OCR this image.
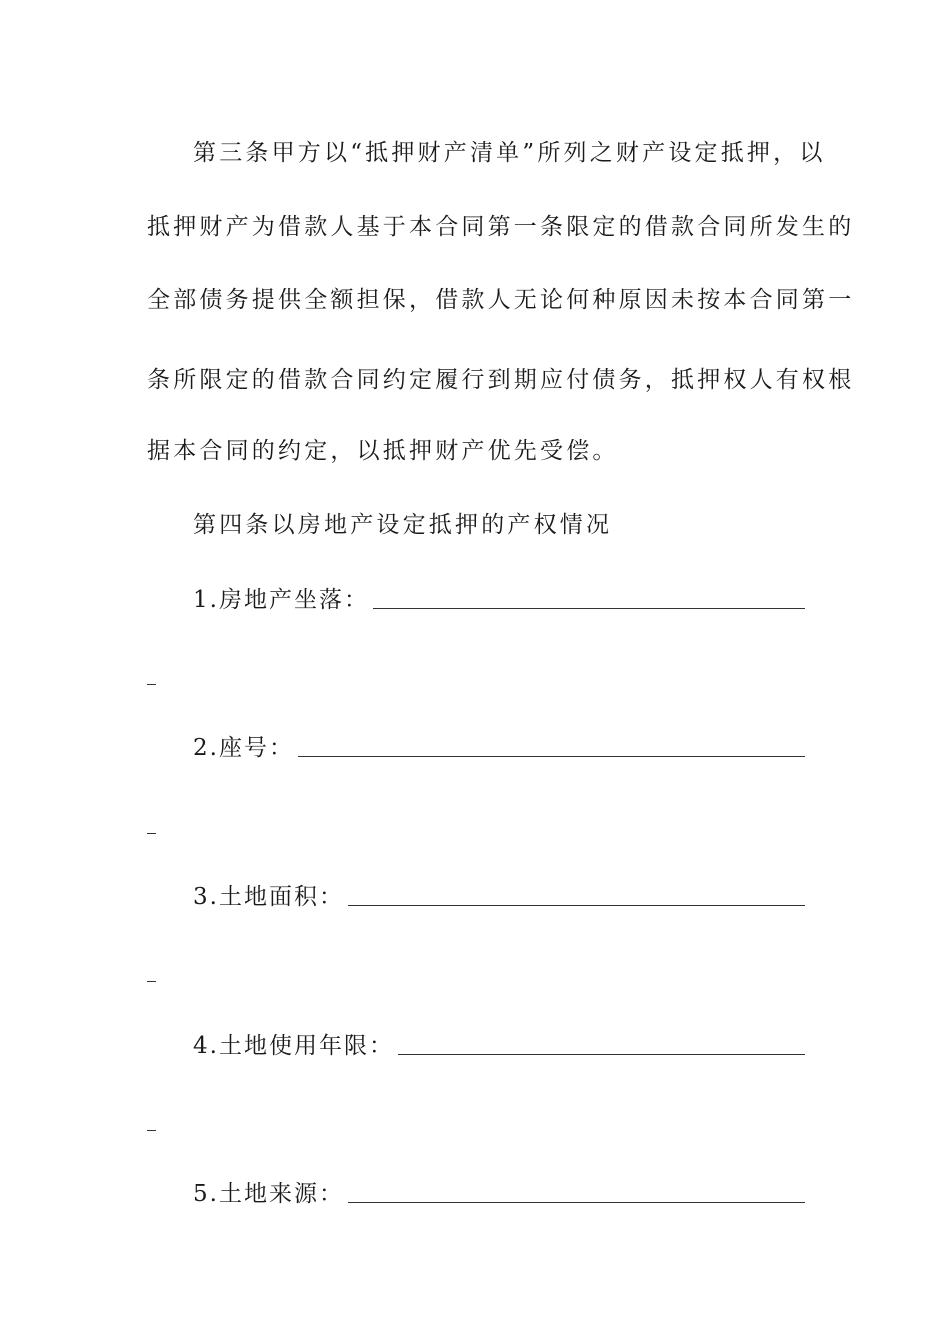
第三条甲方以“抵押财产清单”所列之财产设定抵押，以
抵押财产为借款人基于本合同第一条限定的借款合同所发生的
全部债务提供全额担保，借款人无论何种原因未按本合同第一
条所限定的借款合同约定履行到期应付债务，抵押权人有权根
据本合同的约定，以抵押财产优先受偿。
第四条以房地产设定抵押的产权情况
1.房地产坐落：
2.座号：
3.土地面积：
4.土地使用年限：
5.土地来源：
